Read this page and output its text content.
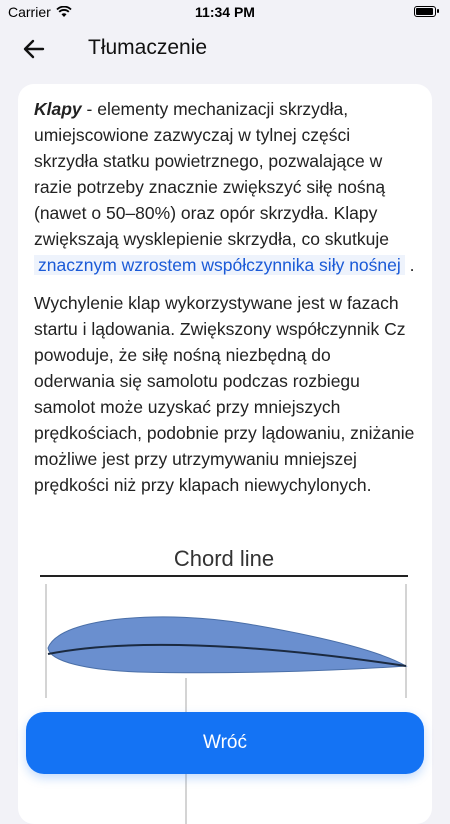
Carrier	11:34 PM
Tłumaczenie

Klapy - elementy mechanizacji skrzydła, umiejscowione zazwyczaj w tylnej części skrzydła statku powietrznego, pozwalające w razie potrzeby znacznie zwiększyć siłę nośną (nawet o 50–80%) oraz opór skrzydła. Klapy zwiększają wysklepienie skrzydła, co skutkuje znacznym wzrostem współczynnika siły nośnej .

Wychylenie klap wykorzystywane jest w fazach startu i lądowania. Zwiększony współczynnik Cz powoduje, że siłę nośną niezbędną do oderwania się samolotu podczas rozbiegu samolot może uzyskać przy mniejszych prędkościach, podobnie przy lądowaniu, zniżanie możliwe jest przy utrzymywaniu mniejszej prędkości niż przy klapach niewychylonych.

Chord line
Wróć
